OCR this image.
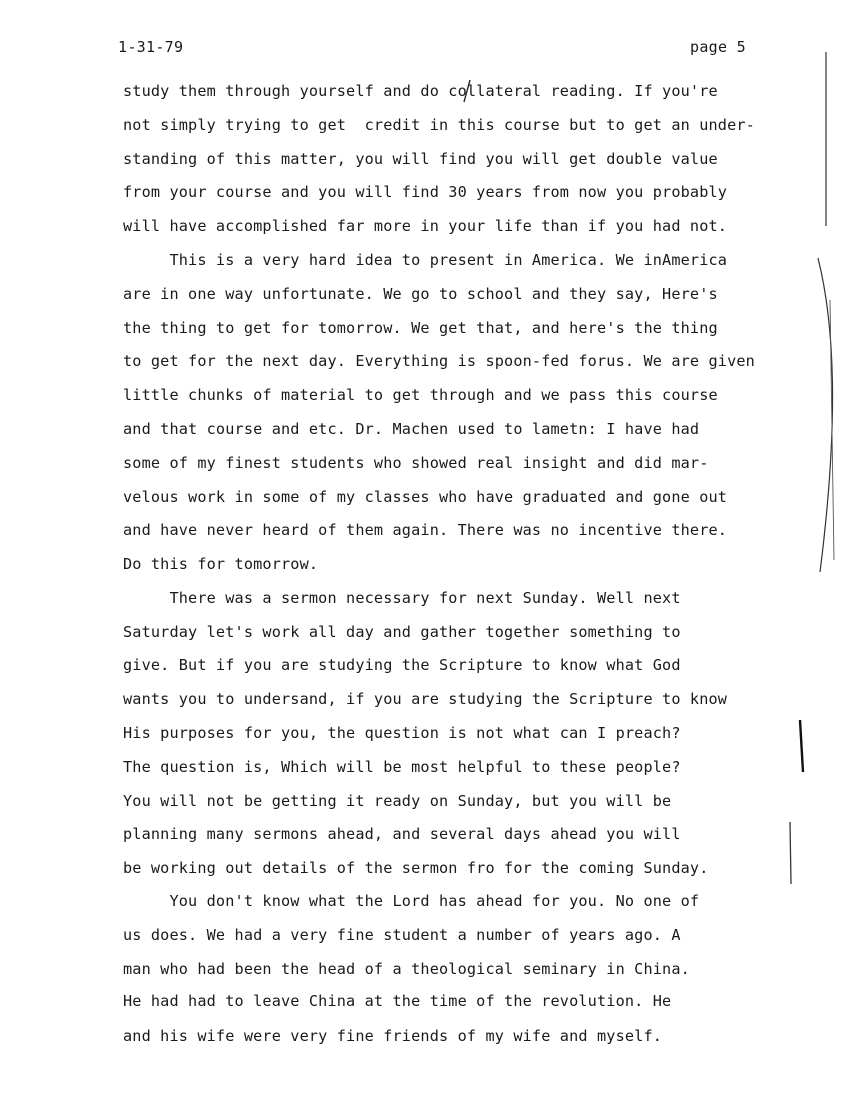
1-31-79	page 5
study them through yourself and do collateral reading. If you're
not simply trying to get  credit in this course but to get an under-
standing of this matter, you will find you will get double value
from your course and you will find 30 years from now you probably
will have accomplished far more in your life than if you had not.
This is a very hard idea to present in America. We inAmerica
are in one way unfortunate. We go to school and they say, Here's
the thing to get for tomorrow. We get that, and here's the thing
to get for the next day. Everything is spoon-fed forus. We are given
little chunks of material to get through and we pass this course
and that course and etc. Dr. Machen used to lametn: I have had
some of my finest students who showed real insight and did mar-
velous work in some of my classes who have graduated and gone out
and have never heard of them again. There was no incentive there.
Do this for tomorrow.
There was a sermon necessary for next Sunday. Well next
Saturday let's work all day and gather together something to
give. But if you are studying the Scripture to know what God
wants you to undersand, if you are studying the Scripture to know
His purposes for you, the question is not what can I preach?
The question is, Which will be most helpful to these people?
You will not be getting it ready on Sunday, but you will be
planning many sermons ahead, and several days ahead you will
be working out details of the sermon fro for the coming Sunday.
You don't know what the Lord has ahead for you. No one of
us does. We had a very fine student a number of years ago. A
man who had been the head of a theological seminary in China.
He had had to leave China at the time of the revolution. He
and his wife were very fine friends of my wife and myself.
